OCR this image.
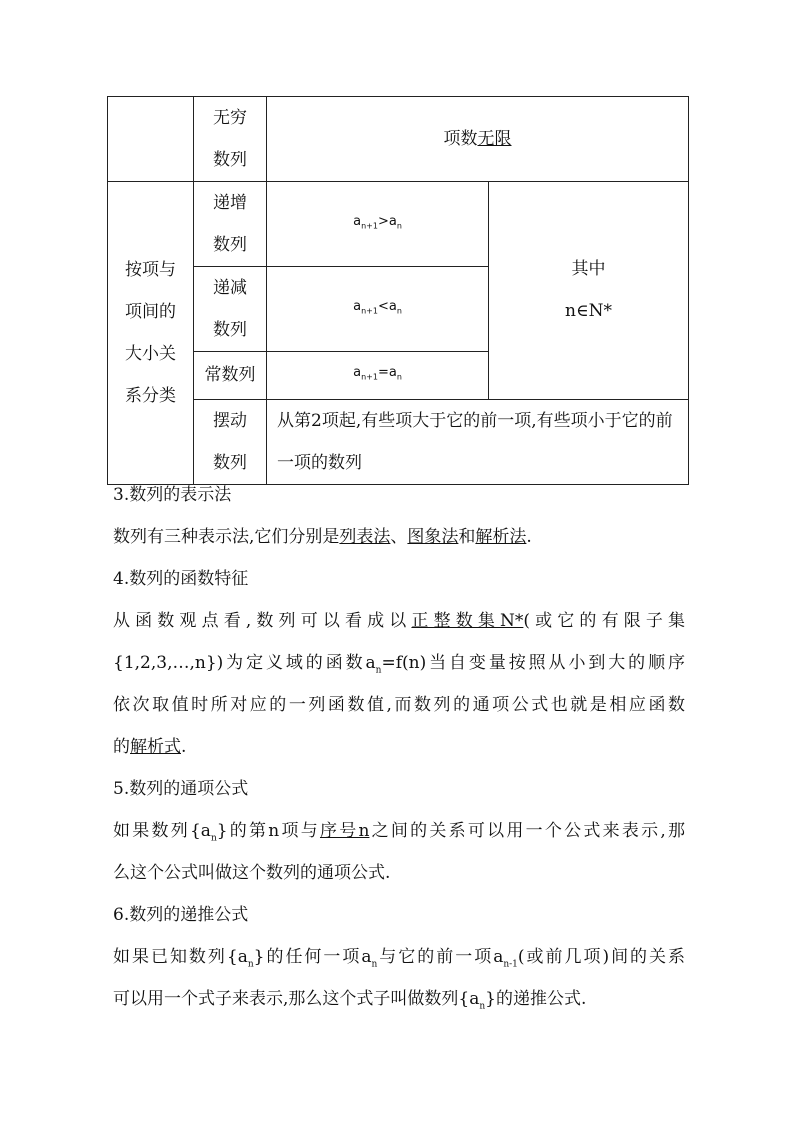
	无穷数列	项数无限	

按项与项间的大小关系分类	递增数列	$a_{n+1}>a_n$	其中
n∈N*

	递减数列	$a_{n+1}<a_n$
	常数列	$a_{n+1}=a_n$

	摆动数列	从第2项起,有些项大于它的前一项,有些项小于它的前一项的数列	
3.数列的表示法
数列有三种表示法,它们分别是列表法、图象法和解析法.
4.数列的函数特征
从函数观点看,数列可以看成以正整数集N*(或它的有限子集
{1,2,3,…,n})为定义域的函数$a_n=f(n)$当自变量按照从小到大的顺序
依次取值时所对应的一列函数值,而数列的通项公式也就是相应函数
的解析式.
5.数列的通项公式
如果数列$\{a_n\}$的第n项与序号n之间的关系可以用一个公式来表示,那
么这个公式叫做这个数列的通项公式.
6.数列的递推公式
如果已知数列$\{a_n\}$的任何一项$a_n$与它的前一项$a_{n-1}$(或前几项)间的关系
可以用一个式子来表示,那么这个式子叫做数列$\{a_n\}$的递推公式.
